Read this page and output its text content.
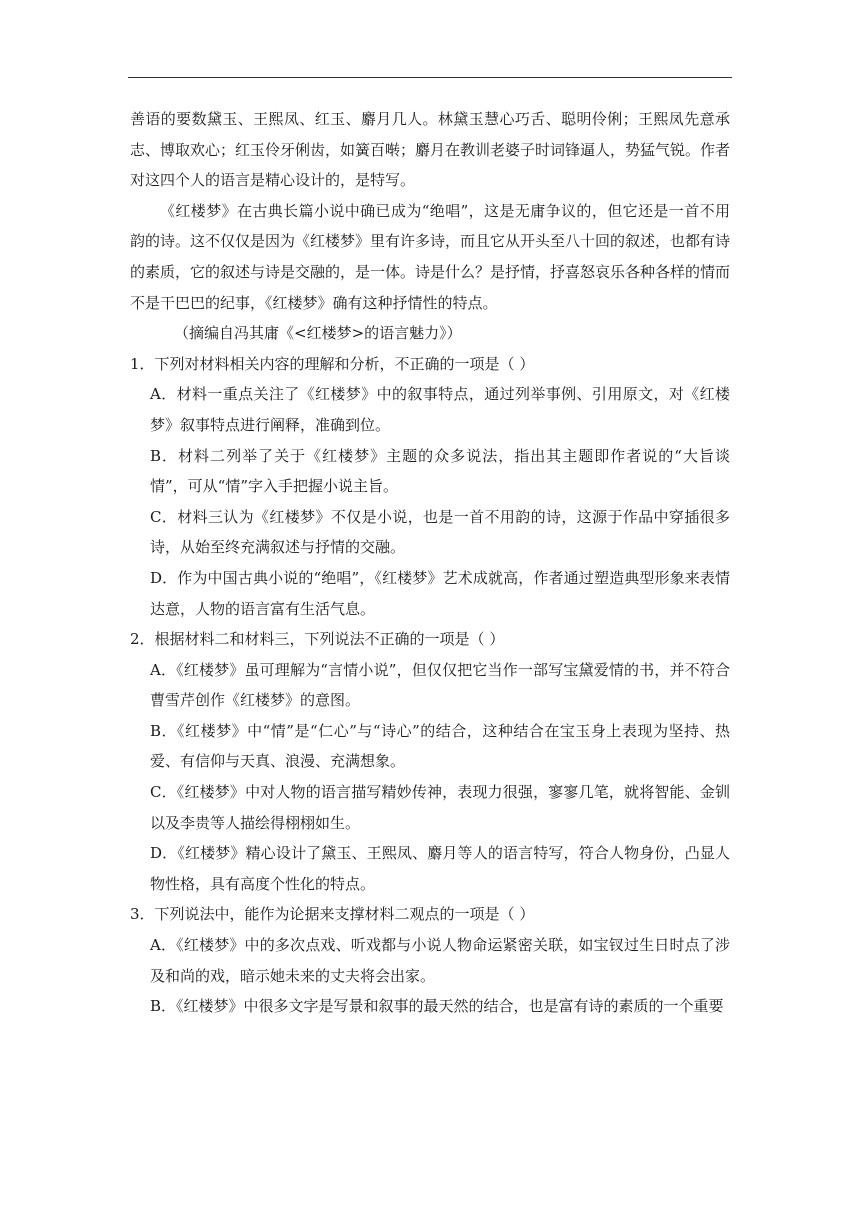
善语的要数黛玉、王熙凤、红玉、麝月几人。林黛玉慧心巧舌、聪明伶俐；王熙凤先意承志、博取欢心；红玉伶牙俐齿，如簧百啭；麝月在教训老婆子时词锋逼人，势猛气锐。作者对这四个人的语言是精心设计的，是特写。

《红楼梦》在古典长篇小说中确已成为“绝唱”，这是无庸争议的，但它还是一首不用韵的诗。这不仅仅是因为《红楼梦》里有许多诗，而且它从开头至八十回的叙述，也都有诗的素质，它的叙述与诗是交融的，是一体。诗是什么？是抒情，抒喜怒哀乐各种各样的情而不是干巴巴的纪事，《红楼梦》确有这种抒情性的特点。

（摘编自冯其庸《<红楼梦>的语言魅力》）

1．下列对材料相关内容的理解和分析，不正确的一项是（ ）

A．材料一重点关注了《红楼梦》中的叙事特点，通过列举事例、引用原文，对《红楼梦》叙事特点进行阐释，准确到位。

B．材料二列举了关于《红楼梦》主题的众多说法，指出其主题即作者说的“大旨谈情”，可从“情”字入手把握小说主旨。

C．材料三认为《红楼梦》不仅是小说，也是一首不用韵的诗，这源于作品中穿插很多诗，从始至终充满叙述与抒情的交融。

D．作为中国古典小说的“绝唱”，《红楼梦》艺术成就高，作者通过塑造典型形象来表情达意，人物的语言富有生活气息。

2．根据材料二和材料三，下列说法不正确的一项是（ ）

A．《红楼梦》虽可理解为“言情小说”，但仅仅把它当作一部写宝黛爱情的书，并不符合曹雪芹创作《红楼梦》的意图。

B．《红楼梦》中“情”是“仁心”与“诗心”的结合，这种结合在宝玉身上表现为坚持、热爱、有信仰与天真、浪漫、充满想象。

C．《红楼梦》中对人物的语言描写精妙传神，表现力很强，寥寥几笔，就将智能、金钏以及李贵等人描绘得栩栩如生。

D．《红楼梦》精心设计了黛玉、王熙凤、麝月等人的语言特写，符合人物身份，凸显人物性格，具有高度个性化的特点。

3．下列说法中，能作为论据来支撑材料二观点的一项是（ ）

A．《红楼梦》中的多次点戏、听戏都与小说人物命运紧密关联，如宝钗过生日时点了涉及和尚的戏，暗示她未来的丈夫将会出家。

B．《红楼梦》中很多文字是写景和叙事的最天然的结合，也是富有诗的素质的一个重要
